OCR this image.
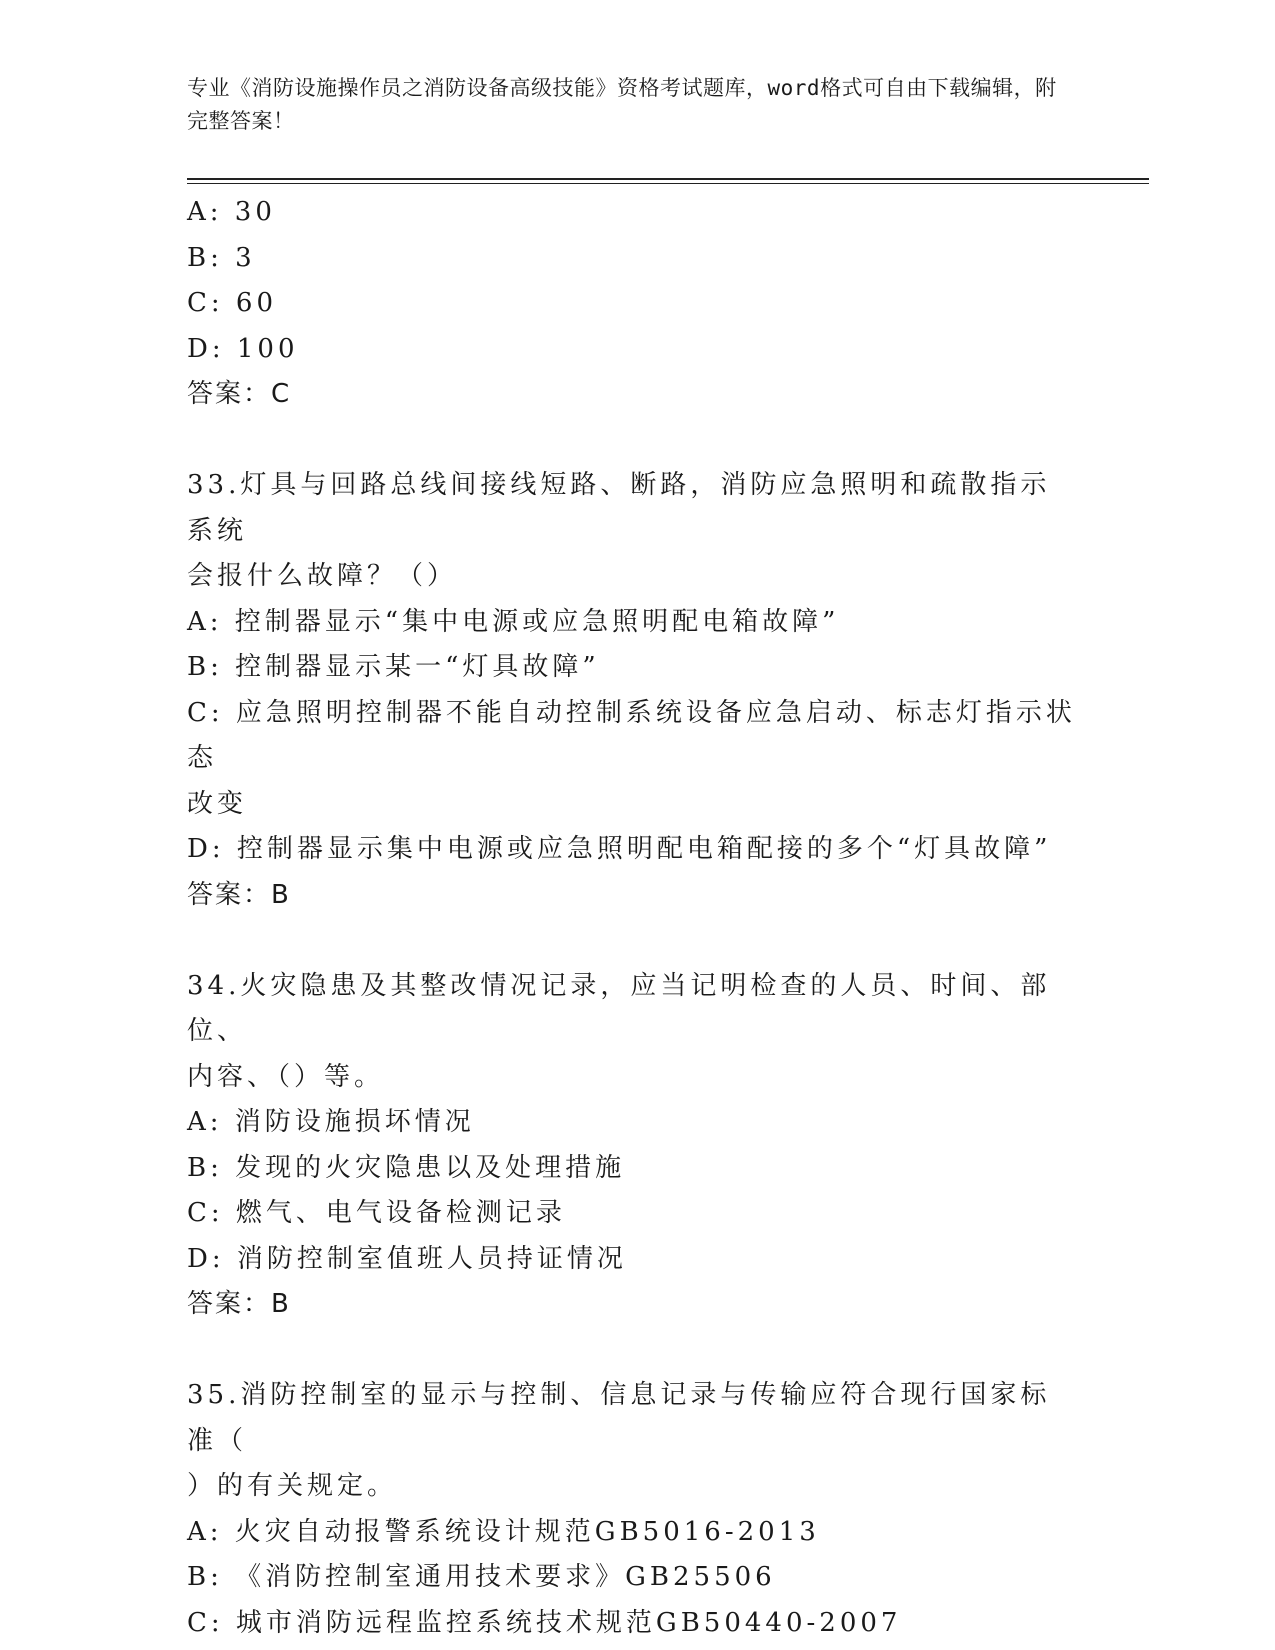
专业《消防设施操作员之消防设备高级技能》资格考试题库，word格式可自由下载编辑，附完整答案！
A: 30
B: 3
C: 60
D: 100
答案：C
33.灯具与回路总线间接线短路、断路，消防应急照明和疏散指示系统
会报什么故障？（）
A: 控制器显示“集中电源或应急照明配电箱故障”
B: 控制器显示某一“灯具故障”
C: 应急照明控制器不能自动控制系统设备应急启动、标志灯指示状态
改变
D: 控制器显示集中电源或应急照明配电箱配接的多个“灯具故障”
答案：B
34.火灾隐患及其整改情况记录，应当记明检查的人员、时间、部位、
内容、（）等。
A: 消防设施损坏情况
B: 发现的火灾隐患以及处理措施
C: 燃气、电气设备检测记录
D: 消防控制室值班人员持证情况
答案：B
35.消防控制室的显示与控制、信息记录与传输应符合现行国家标准（
）的有关规定。
A: 火灾自动报警系统设计规范GB5016-2013
B: 《消防控制室通用技术要求》GB25506
C: 城市消防远程监控系统技术规范GB50440-2007
